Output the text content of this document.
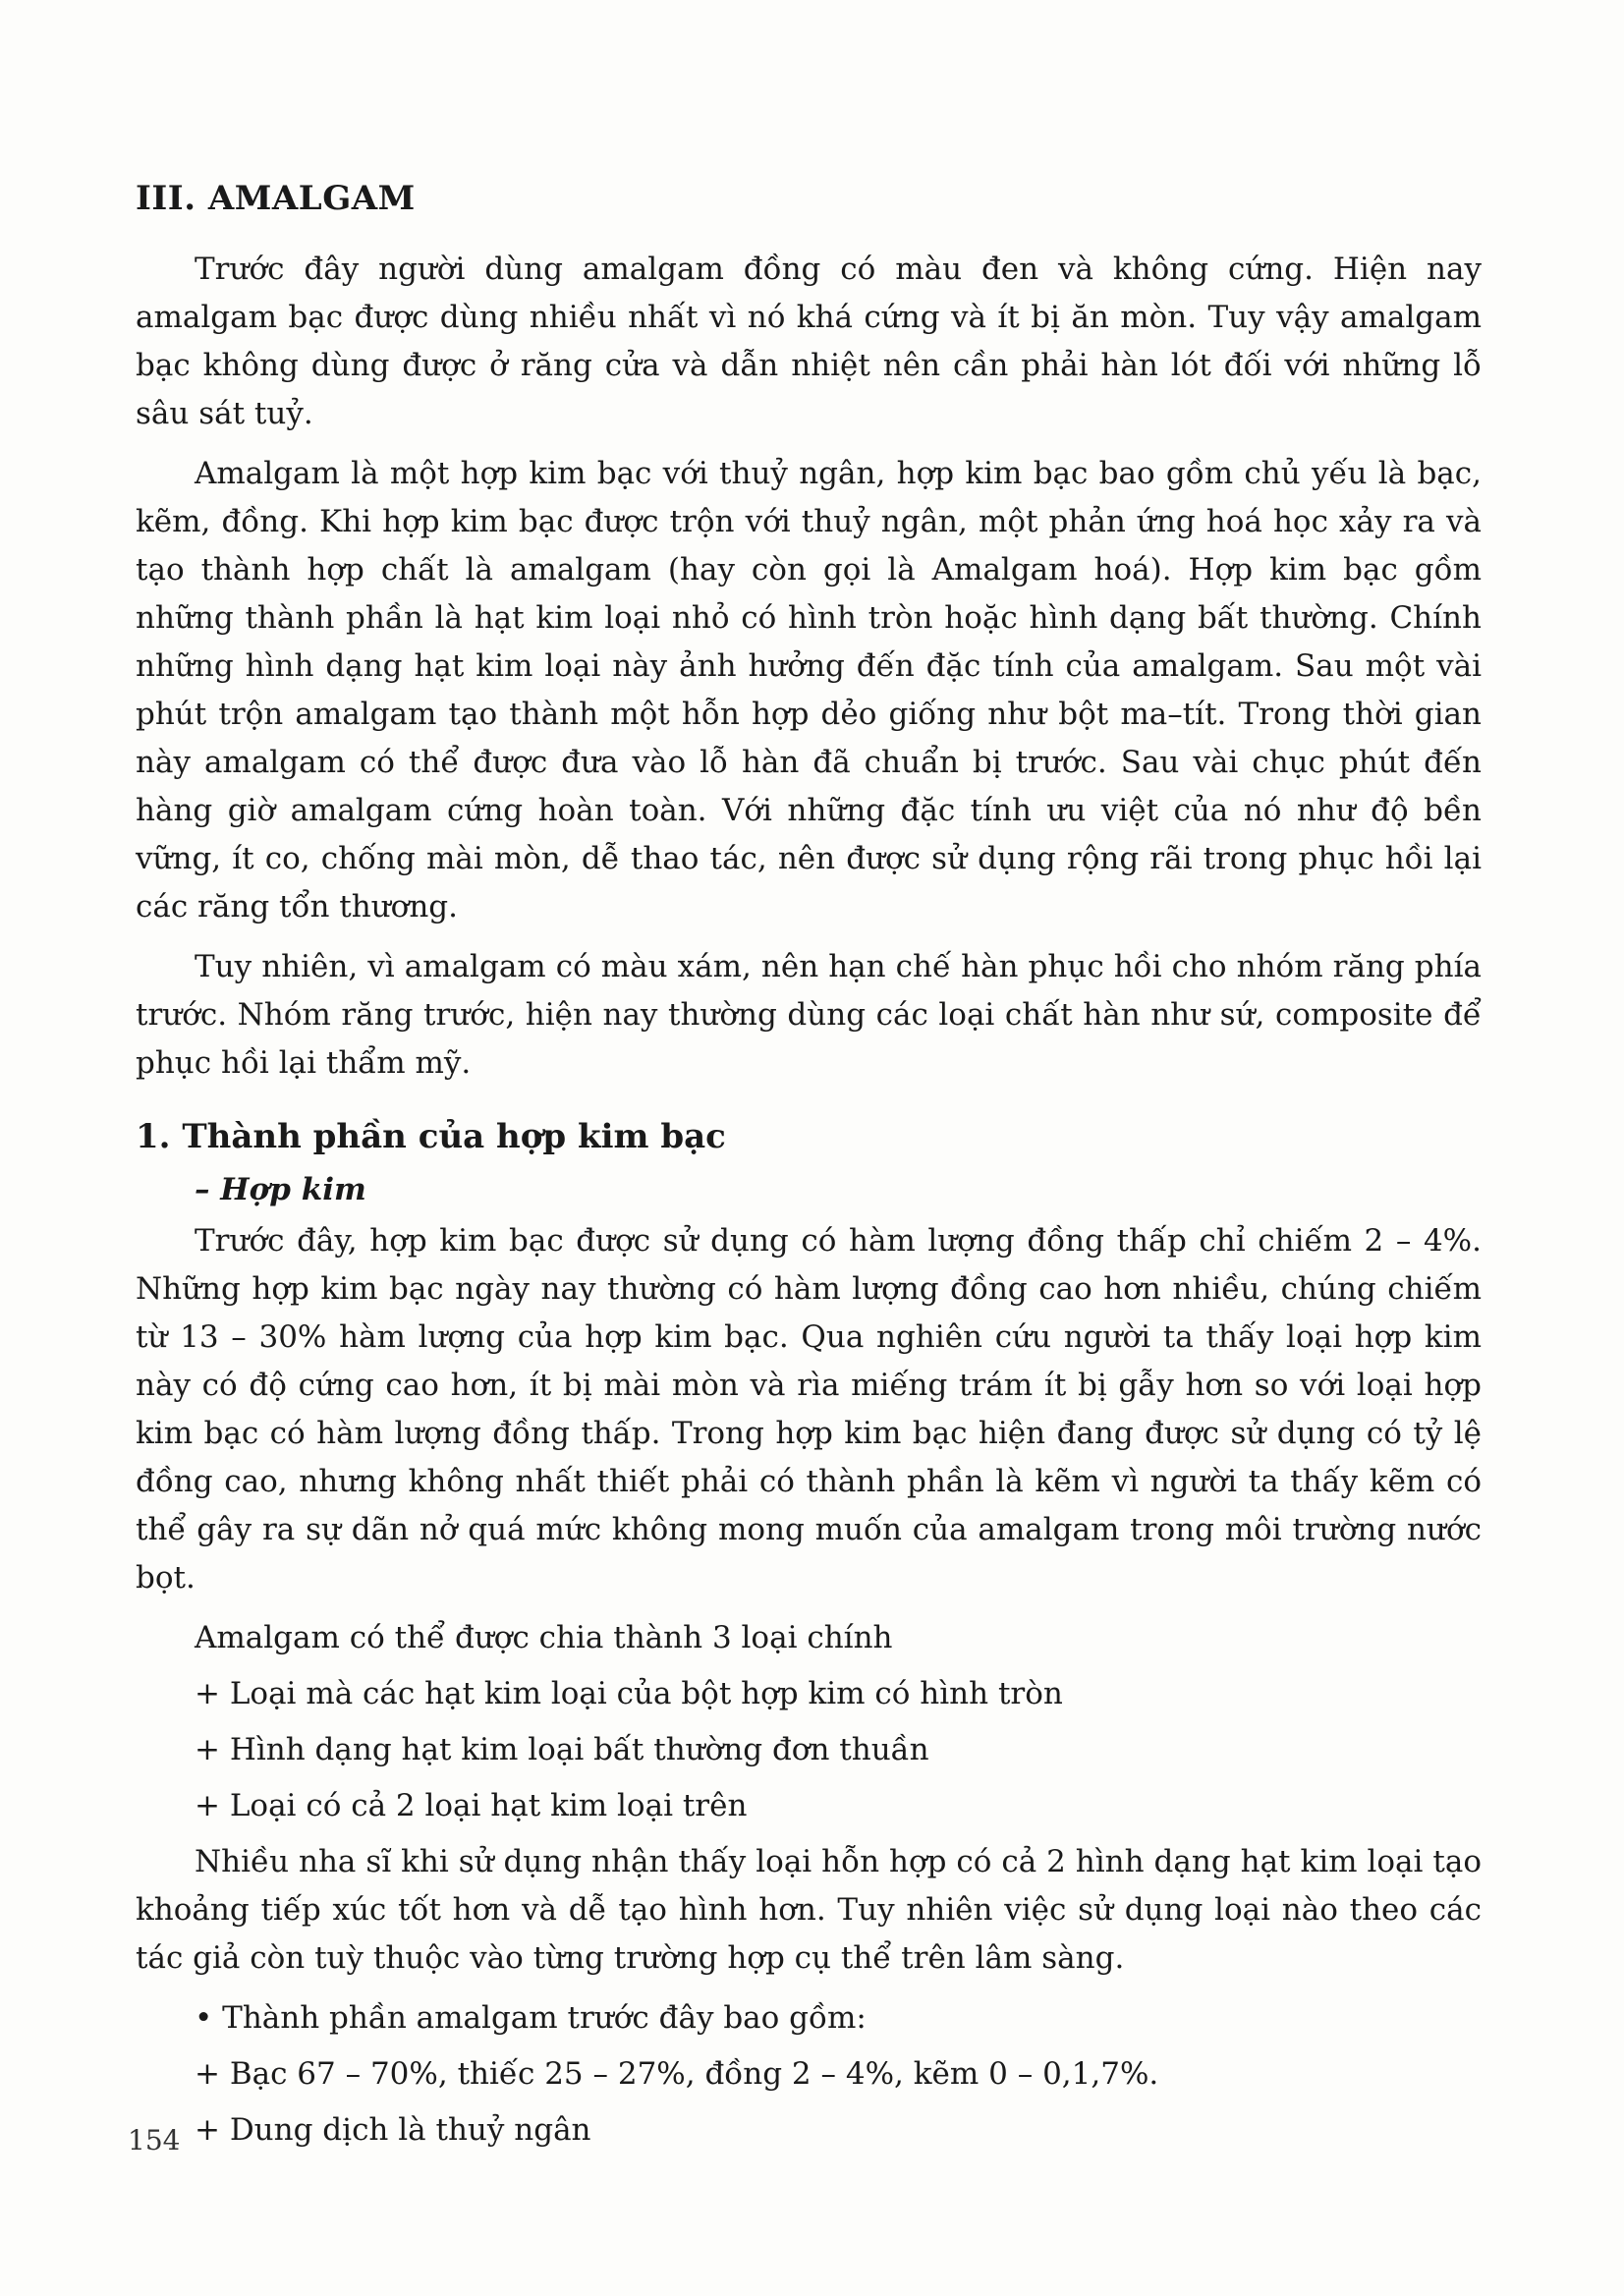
III. AMALGAM

Trước đây người dùng amalgam đồng có màu đen và không cứng. Hiện nay amalgam bạc được dùng nhiều nhất vì nó khá cứng và ít bị ăn mòn. Tuy vậy amalgam bạc không dùng được ở răng cửa và dẫn nhiệt nên cần phải hàn lót đối với những lỗ sâu sát tuỷ.

Amalgam là một hợp kim bạc với thuỷ ngân, hợp kim bạc bao gồm chủ yếu là bạc, kẽm, đồng. Khi hợp kim bạc được trộn với thuỷ ngân, một phản ứng hoá học xảy ra và tạo thành hợp chất là amalgam (hay còn gọi là Amalgam hoá). Hợp kim bạc gồm những thành phần là hạt kim loại nhỏ có hình tròn hoặc hình dạng bất thường. Chính những hình dạng hạt kim loại này ảnh hưởng đến đặc tính của amalgam. Sau một vài phút trộn amalgam tạo thành một hỗn hợp dẻo giống như bột ma–tít. Trong thời gian này amalgam có thể được đưa vào lỗ hàn đã chuẩn bị trước. Sau vài chục phút đến hàng giờ amalgam cứng hoàn toàn. Với những đặc tính ưu việt của nó như độ bền vững, ít co, chống mài mòn, dễ thao tác, nên được sử dụng rộng rãi trong phục hồi lại các răng tổn thương.

Tuy nhiên, vì amalgam có màu xám, nên hạn chế hàn phục hồi cho nhóm răng phía trước. Nhóm răng trước, hiện nay thường dùng các loại chất hàn như sứ, composite để phục hồi lại thẩm mỹ.

1. Thành phần của hợp kim bạc
– Hợp kim

Trước đây, hợp kim bạc được sử dụng có hàm lượng đồng thấp chỉ chiếm 2 – 4%. Những hợp kim bạc ngày nay thường có hàm lượng đồng cao hơn nhiều, chúng chiếm từ 13 – 30% hàm lượng của hợp kim bạc. Qua nghiên cứu người ta thấy loại hợp kim này có độ cứng cao hơn, ít bị mài mòn và rìa miếng trám ít bị gẫy hơn so với loại hợp kim bạc có hàm lượng đồng thấp. Trong hợp kim bạc hiện đang được sử dụng có tỷ lệ đồng cao, nhưng không nhất thiết phải có thành phần là kẽm vì người ta thấy kẽm có thể gây ra sự dãn nở quá mức không mong muốn của amalgam trong môi trường nước bọt.

Amalgam có thể được chia thành 3 loại chính

+ Loại mà các hạt kim loại của bột hợp kim có hình tròn

+ Hình dạng hạt kim loại bất thường đơn thuần

+ Loại có cả 2 loại hạt kim loại trên

Nhiều nha sĩ khi sử dụng nhận thấy loại hỗn hợp có cả 2 hình dạng hạt kim loại tạo khoảng tiếp xúc tốt hơn và dễ tạo hình hơn. Tuy nhiên việc sử dụng loại nào theo các tác giả còn tuỳ thuộc vào từng trường hợp cụ thể trên lâm sàng.

• Thành phần amalgam trước đây bao gồm:

+ Bạc 67 – 70%, thiếc 25 – 27%, đồng 2 – 4%, kẽm 0 – 0,1,7%.

+ Dung dịch là thuỷ ngân

154
